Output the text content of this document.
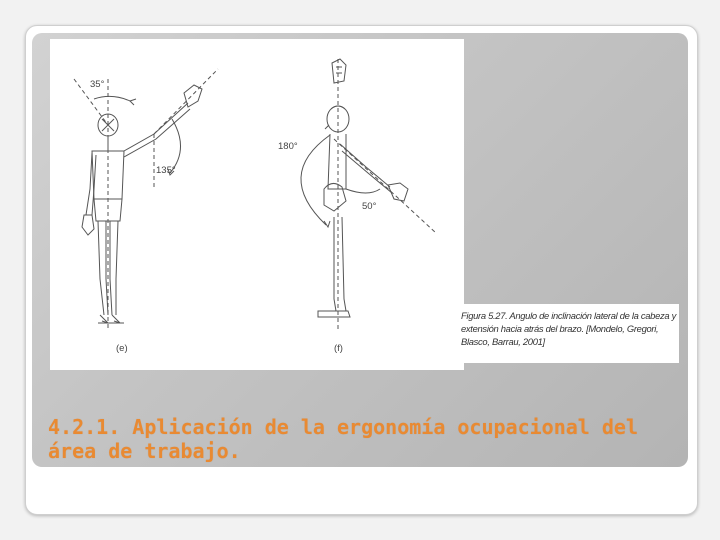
35°
135°
180°
50°
(e)	(f)

Figura 5.27. Angulo de inclinación lateral de la cabeza y extensión hacia atrás del brazo. [Mondelo, Gregori, Blasco, Barrau, 2001]

4.2.1. Aplicación de la ergonomía ocupacional del área de trabajo.
